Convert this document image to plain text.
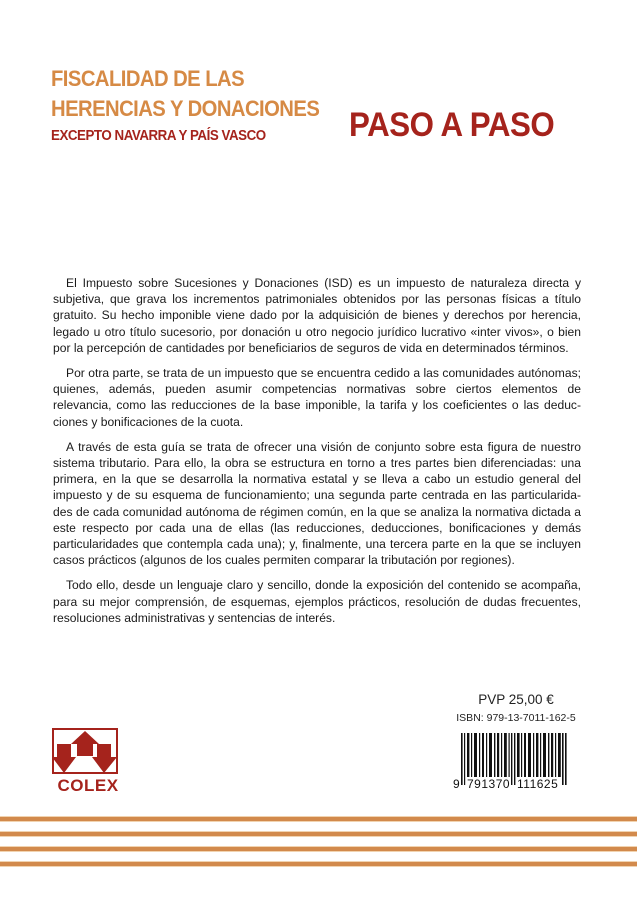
FISCALIDAD DE LAS
HERENCIAS Y DONACIONES
EXCEPTO NAVARRA Y PAÍS VASCO	PASO A PASO

El Impuesto sobre Sucesiones y Donaciones (ISD) es un impuesto de naturaleza directa y subjetiva, que grava los incrementos patrimoniales obtenidos por las personas físicas a título gratuito. Su hecho imponible viene dado por la adquisición de bienes y derechos por herencia, legado u otro título sucesorio, por donación u otro negocio jurídico lucrativo «inter vivos», o bien por la percepción de cantidades por beneficiarios de seguros de vida en determinados términos.

Por otra parte, se trata de un impuesto que se encuentra cedido a las comunidades autónomas; quienes, además, pueden asumir competencias normativas sobre ciertos elementos de relevancia, como las reducciones de la base imponible, la tarifa y los coeficientes o las deducciones y bonificaciones de la cuota.

A través de esta guía se trata de ofrecer una visión de conjunto sobre esta figura de nuestro sistema tributario. Para ello, la obra se estructura en torno a tres partes bien diferenciadas: una primera, en la que se desarrolla la normativa estatal y se lleva a cabo un estudio general del impuesto y de su esquema de funcionamiento; una segunda parte centrada en las particularidades de cada comunidad autónoma de régimen común, en la que se analiza la normativa dictada a este respecto por cada una de ellas (las reducciones, deducciones, bonificaciones y demás particularidades que contempla cada una); y, finalmente, una tercera parte en la que se incluyen casos prácticos (algunos de los cuales permiten comparar la tributación por regiones).

Todo ello, desde un lenguaje claro y sencillo, donde la exposición del contenido se acompaña, para su mejor comprensión, de esquemas, ejemplos prácticos, resolución de dudas frecuentes, resoluciones administrativas y sentencias de interés.

PVP 25,00 €
ISBN: 979-13-7011-162-5
9 791370 111625
COLEX
